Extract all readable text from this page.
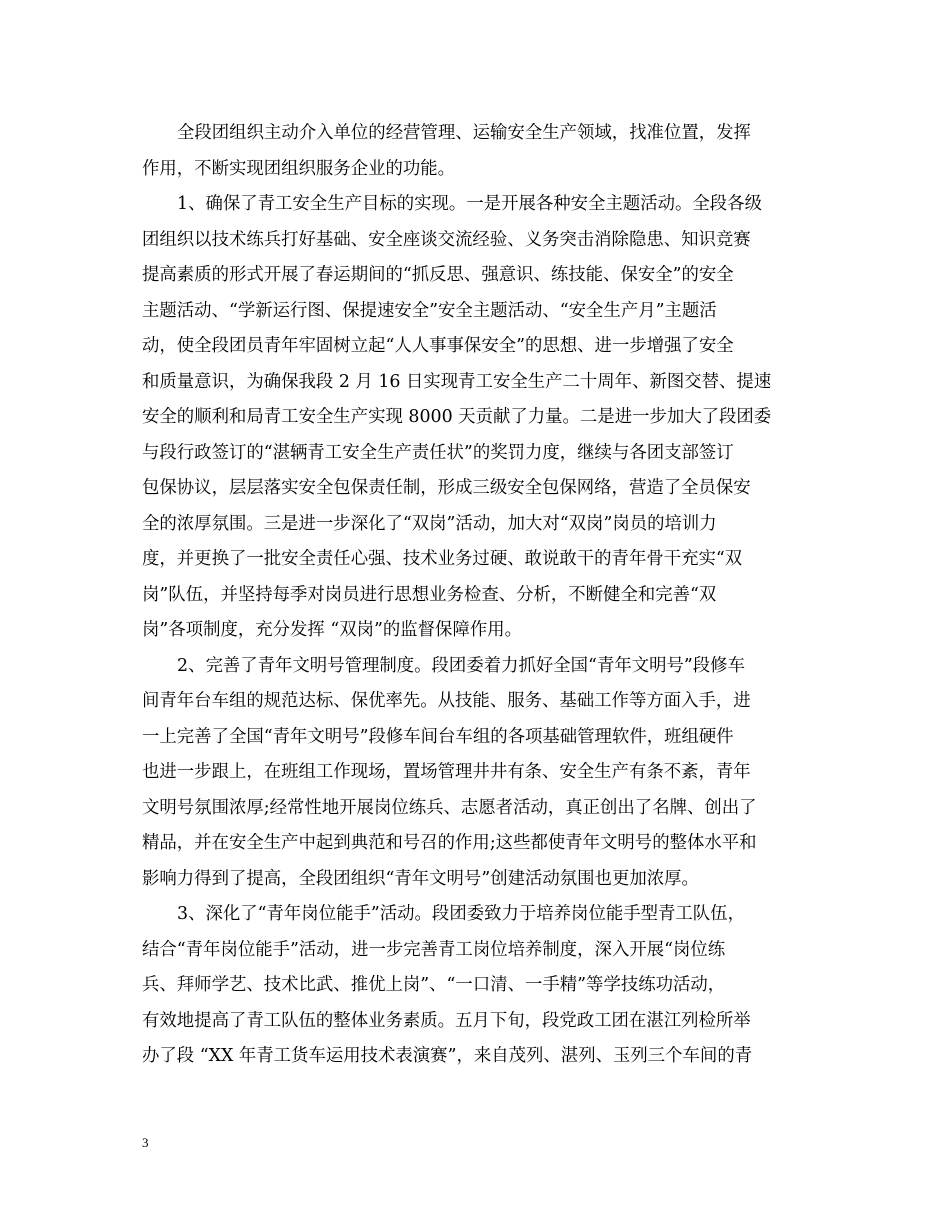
全段团组织主动介入单位的经营管理、运输安全生产领域，找准位置，发挥
作用，不断实现团组织服务企业的功能。
1、确保了青工安全生产目标的实现。一是开展各种安全主题活动。全段各级
团组织以技术练兵打好基础、安全座谈交流经验、义务突击消除隐患、知识竞赛
提高素质的形式开展了春运期间的“抓反思、强意识、练技能、保安全”的安全
主题活动、“学新运行图、保提速安全”安全主题活动、“安全生产月”主题活
动，使全段团员青年牢固树立起“人人事事保安全”的思想、进一步增强了安全
和质量意识，为确保我段 2 月 16 日实现青工安全生产二十周年、新图交替、提速
安全的顺利和局青工安全生产实现 8000 天贡献了力量。二是进一步加大了段团委
与段行政签订的“湛辆青工安全生产责任状”的奖罚力度，继续与各团支部签订
包保协议，层层落实安全包保责任制，形成三级安全包保网络，营造了全员保安
全的浓厚氛围。三是进一步深化了“双岗”活动，加大对“双岗”岗员的培训力
度，并更换了一批安全责任心强、技术业务过硬、敢说敢干的青年骨干充实“双
岗”队伍，并坚持每季对岗员进行思想业务检查、分析，不断健全和完善“双
岗”各项制度，充分发挥 “双岗”的监督保障作用。
2、完善了青年文明号管理制度。段团委着力抓好全国“青年文明号”段修车
间青年台车组的规范达标、保优率先。从技能、服务、基础工作等方面入手，进
一上完善了全国“青年文明号”段修车间台车组的各项基础管理软件，班组硬件
也进一步跟上，在班组工作现场，置场管理井井有条、安全生产有条不紊，青年
文明号氛围浓厚;经常性地开展岗位练兵、志愿者活动，真正创出了名牌、创出了
精品，并在安全生产中起到典范和号召的作用;这些都使青年文明号的整体水平和
影响力得到了提高，全段团组织“青年文明号”创建活动氛围也更加浓厚。
3、深化了“青年岗位能手”活动。段团委致力于培养岗位能手型青工队伍，
结合“青年岗位能手”活动，进一步完善青工岗位培养制度，深入开展“岗位练
兵、拜师学艺、技术比武、推优上岗”、“一口清、一手精”等学技练功活动，
有效地提高了青工队伍的整体业务素质。五月下旬，段党政工团在湛江列检所举
办了段 “XX 年青工货车运用技术表演赛”，来自茂列、湛列、玉列三个车间的青
3
